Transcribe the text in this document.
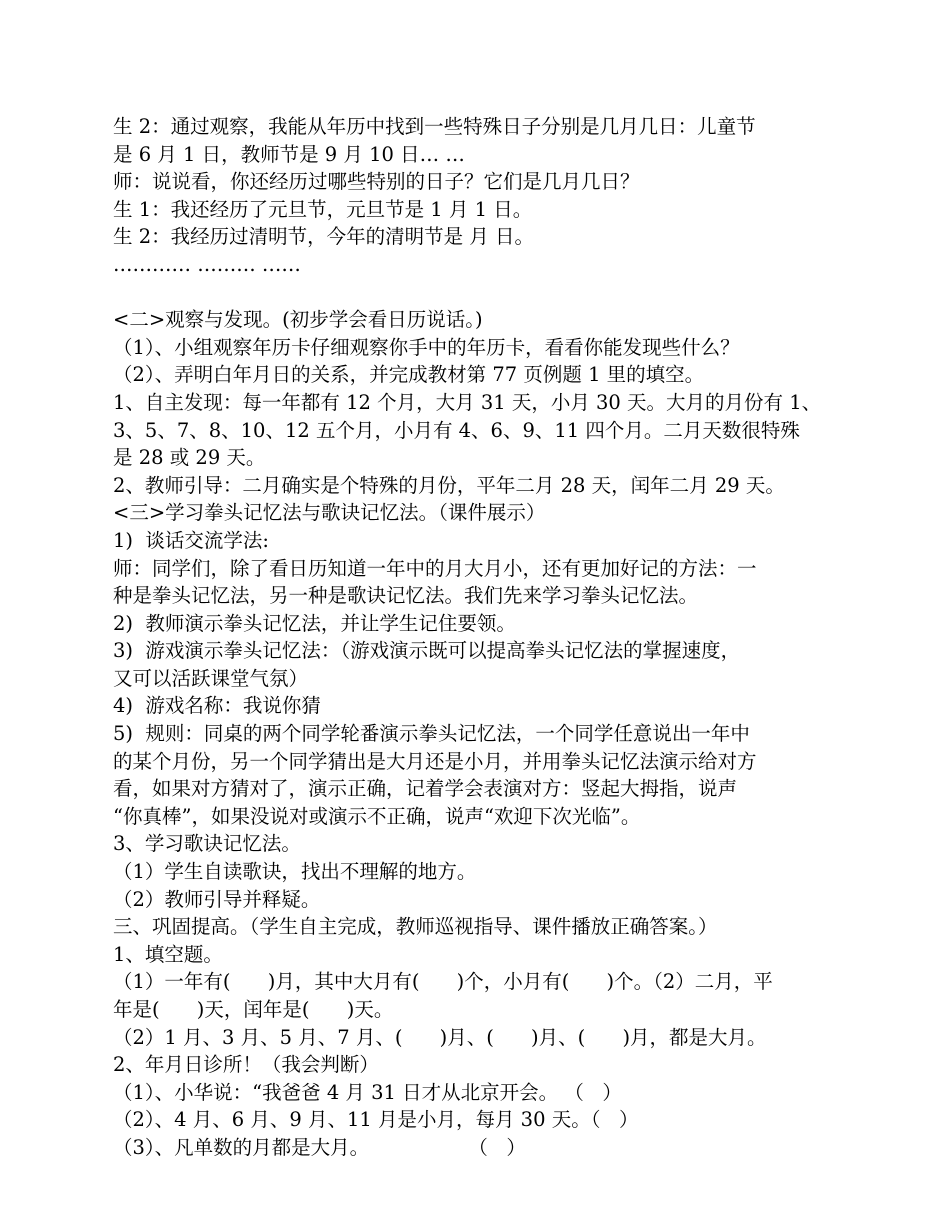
生 2：通过观察，我能从年历中找到一些特殊日子分别是几月几日：儿童节
是 6 月 1 日，教师节是 9 月 10 日… …
师：说说看，你还经历过哪些特别的日子？它们是几月几日？
生 1：我还经历了元旦节，元旦节是 1 月 1 日。
生 2：我经历过清明节，今年的清明节是 月 日。
………… ……… ……
<二>观察与发现。(初步学会看日历说话。)
（1）、小组观察年历卡仔细观察你手中的年历卡，看看你能发现些什么？
（2）、弄明白年月日的关系，并完成教材第 77 页例题 1 里的填空。
1、自主发现：每一年都有 12 个月，大月 31 天，小月 30 天。大月的月份有 1、
3、5、7、8、10、12 五个月，小月有 4、6、9、11 四个月。二月天数很特殊
是 28 或 29 天。
2、教师引导：二月确实是个特殊的月份，平年二月 28 天，闰年二月 29 天。
<三>学习拳头记忆法与歌诀记忆法。（课件展示）
1)  谈话交流学法:
师：同学们，除了看日历知道一年中的月大月小，还有更加好记的方法：一
种是拳头记忆法，另一种是歌诀记忆法。我们先来学习拳头记忆法。
2)  教师演示拳头记忆法，并让学生记住要领。
3)  游戏演示拳头记忆法：（游戏演示既可以提高拳头记忆法的掌握速度，
又可以活跃课堂气氛）
4)  游戏名称：我说你猜
5)  规则：同桌的两个同学轮番演示拳头记忆法，一个同学任意说出一年中
的某个月份，另一个同学猜出是大月还是小月，并用拳头记忆法演示给对方
看，如果对方猜对了，演示正确，记着学会表演对方：竖起大拇指，说声
“你真棒”，如果没说对或演示不正确，说声“欢迎下次光临”。
3、学习歌诀记忆法。
（1）学生自读歌诀，找出不理解的地方。
（2）教师引导并释疑。
三、巩固提高。（学生自主完成，教师巡视指导、课件播放正确答案。）
1、填空题。
（1）一年有(      )月，其中大月有(      )个，小月有(      )个。（2）二月，平
年是(      )天，闰年是(      )天。
（2）1 月、3 月、5 月、7 月、(      )月、(      )月、(      )月，都是大月。
2、年月日诊所！（我会判断）
（1）、小华说：“我爸爸 4 月 31 日才从北京开会。 （   ）
（2）、4 月、6 月、9 月、11 月是小月，每月 30 天。（   ）
（3）、凡单数的月都是大月。                （   ）
